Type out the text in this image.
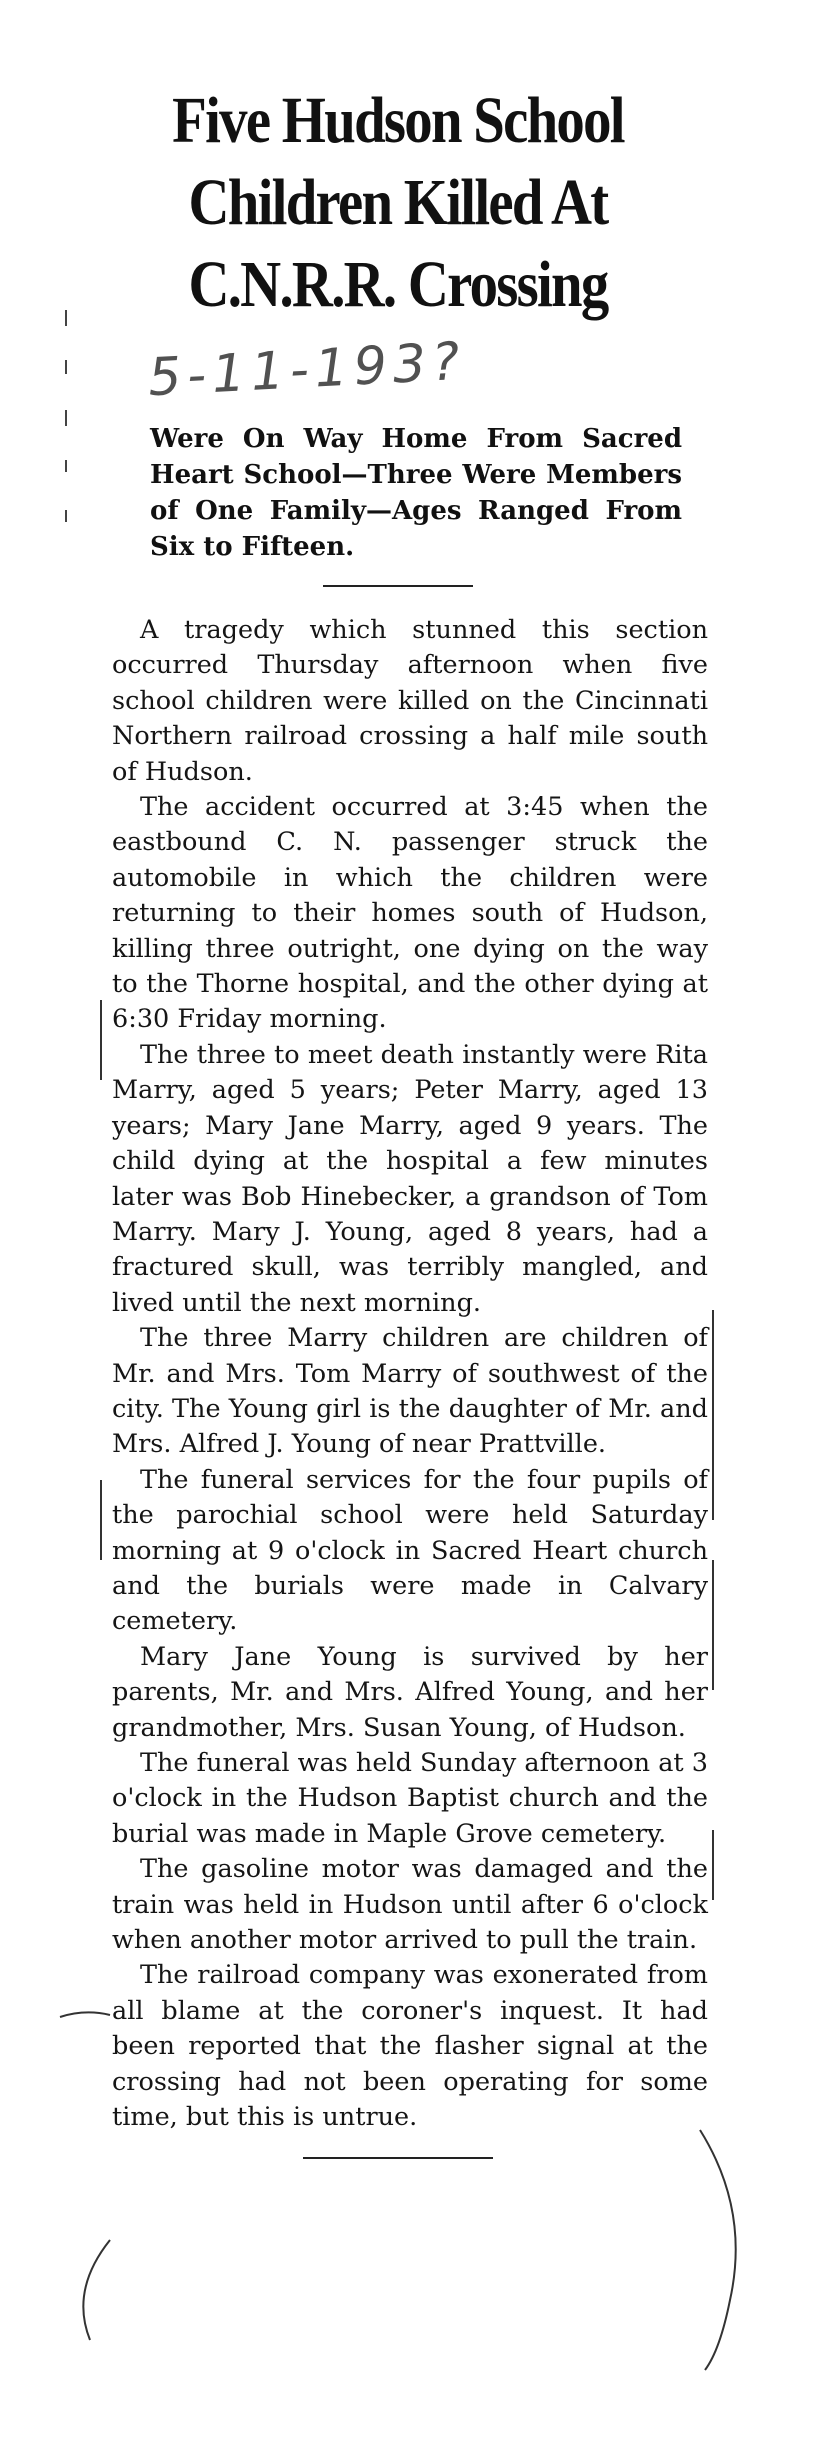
Five Hudson School
Children Killed At
C.N.R.R. Crossing
5-11-193?

Were On Way Home From Sacred Heart School—Three Were Members of One Family—Ages Ranged From Six to Fifteen.

A tragedy which stunned this section occurred Thursday afternoon when five school children were killed on the Cincinnati Northern railroad crossing a half mile south of Hudson.

The accident occurred at 3:45 when the eastbound C. N. passenger struck the automobile in which the children were returning to their homes south of Hudson, killing three outright, one dying on the way to the Thorne hospital, and the other dying at 6:30 Friday morning.

The three to meet death instantly were Rita Marry, aged 5 years; Peter Marry, aged 13 years; Mary Jane Marry, aged 9 years. The child dying at the hospital a few minutes later was Bob Hinebecker, a grandson of Tom Marry. Mary J. Young, aged 8 years, had a fractured skull, was terribly mangled, and lived until the next morning.

The three Marry children are children of Mr. and Mrs. Tom Marry of southwest of the city. The Young girl is the daughter of Mr. and Mrs. Alfred J. Young of near Prattville.

The funeral services for the four pupils of the parochial school were held Saturday morning at 9 o'clock in Sacred Heart church and the burials were made in Calvary cemetery.

Mary Jane Young is survived by her parents, Mr. and Mrs. Alfred Young, and her grandmother, Mrs. Susan Young, of Hudson.

The funeral was held Sunday afternoon at 3 o'clock in the Hudson Baptist church and the burial was made in Maple Grove cemetery.

The gasoline motor was damaged and the train was held in Hudson until after 6 o'clock when another motor arrived to pull the train.

The railroad company was exonerated from all blame at the coroner's inquest. It had been reported that the flasher signal at the crossing had not been operating for some time, but this is untrue.
